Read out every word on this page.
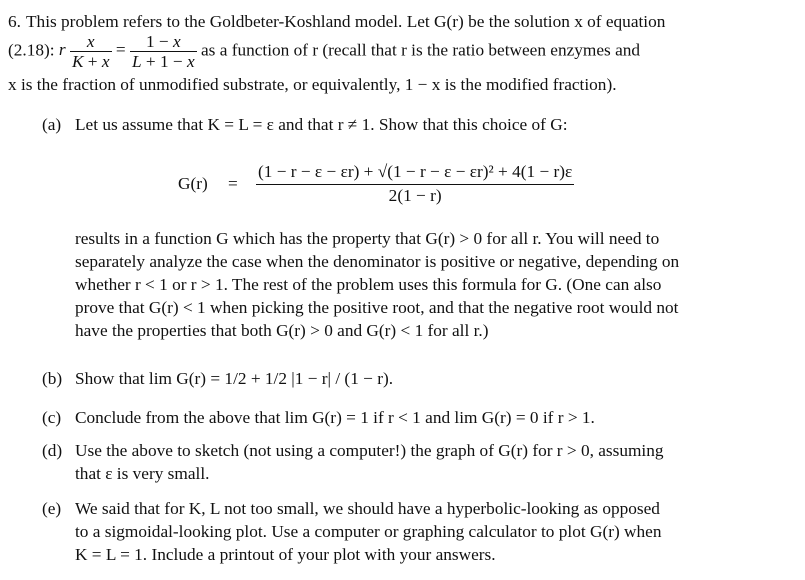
6. This problem refers to the Goldbeter-Koshland model. Let G(r) be the solution x of equation
(2.18): r $\frac{x}{K + x} = \frac{1 - x}{L + 1 - x}$ as a function of r (recall that r is the ratio between enzymes and
x is the fraction of unmodified substrate, or equivalently, 1 − x is the modified fraction).
(a) Let us assume that K = L = ε and that r ≠ 1. Show that this choice of G:
$G(r) = \frac{\text{(1 − r − ε − εr) + √(1 − r − ε − εr)² + 4(1 − r)ε}}{2(1 - r)}$
results in a function G which has the property that G(r) > 0 for all r. You will need to
separately analyze the case when the denominator is positive or negative, depending on
whether r < 1 or r > 1. The rest of the problem uses this formula for G. (One can also
prove that G(r) < 1 when picking the positive root, and that the negative root would not
have the properties that both G(r) > 0 and G(r) < 1 for all r.)
(b) Show that lim G(r) = 1/2 + 1/2 |1 − r| / (1 − r).
(c) Conclude from the above that lim G(r) = 1 if r < 1 and lim G(r) = 0 if r > 1.
(d) Use the above to sketch (not using a computer!) the graph of G(r) for r > 0, assuming
that ε is very small.
(e) We said that for K, L not too small, we should have a hyperbolic-looking as opposed
to a sigmoidal-looking plot. Use a computer or graphing calculator to plot G(r) when
K = L = 1. Include a printout of your plot with your answers.
